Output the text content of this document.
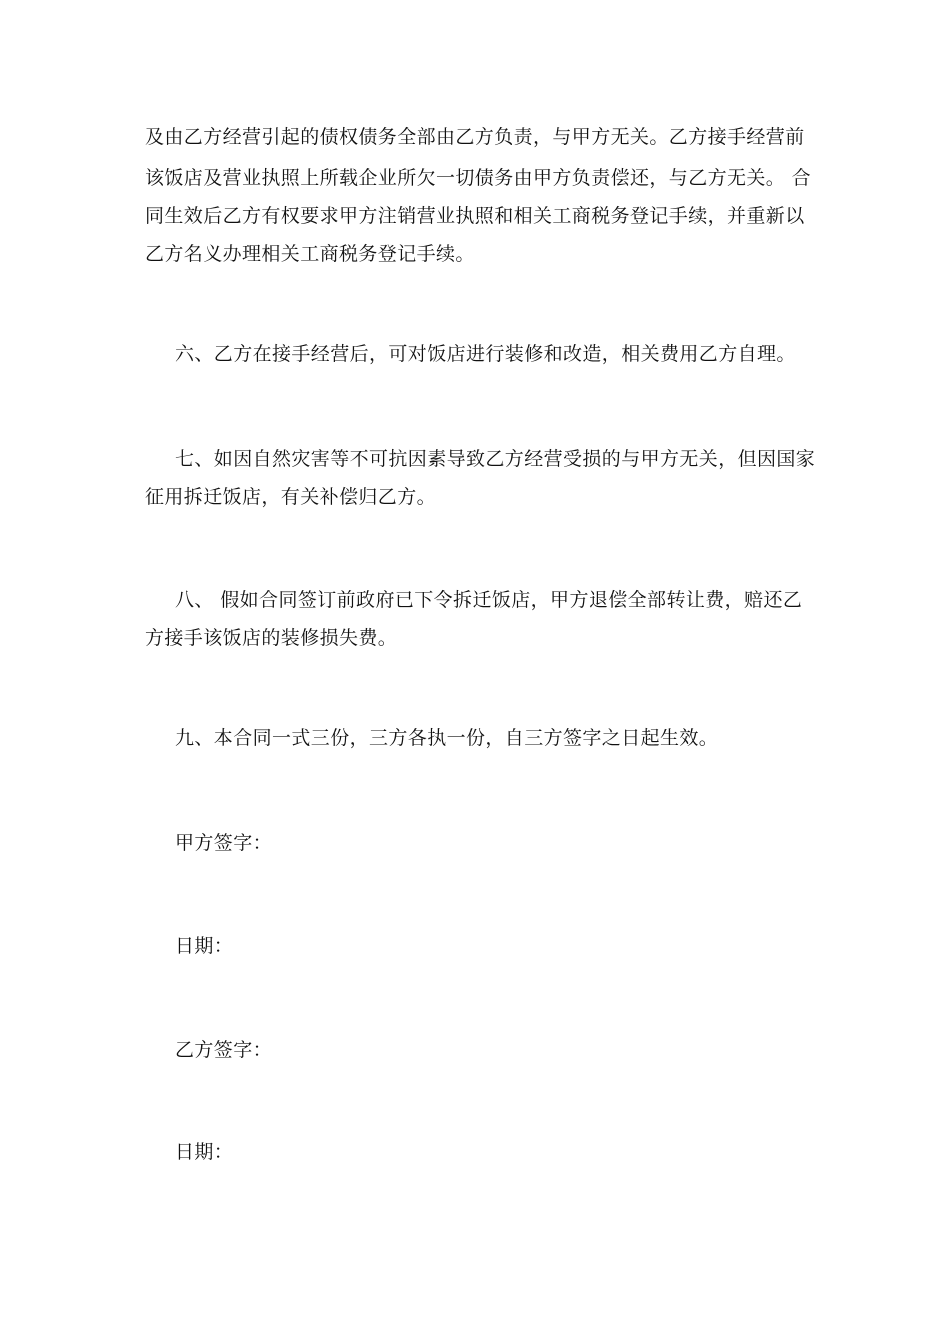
及由乙方经营引起的债权债务全部由乙方负责，与甲方无关。乙方接手经营前
该饭店及营业执照上所载企业所欠一切债务由甲方负责偿还，与乙方无关。 合
同生效后乙方有权要求甲方注销营业执照和相关工商税务登记手续，并重新以
乙方名义办理相关工商税务登记手续。
六、乙方在接手经营后，可对饭店进行装修和改造，相关费用乙方自理。
七、如因自然灾害等不可抗因素导致乙方经营受损的与甲方无关，但因国家
征用拆迁饭店，有关补偿归乙方。
八、 假如合同签订前政府已下令拆迁饭店，甲方退偿全部转让费，赔还乙
方接手该饭店的装修损失费。
九、本合同一式三份，三方各执一份，自三方签字之日起生效。
甲方签字：
日期：
乙方签字：
日期：
